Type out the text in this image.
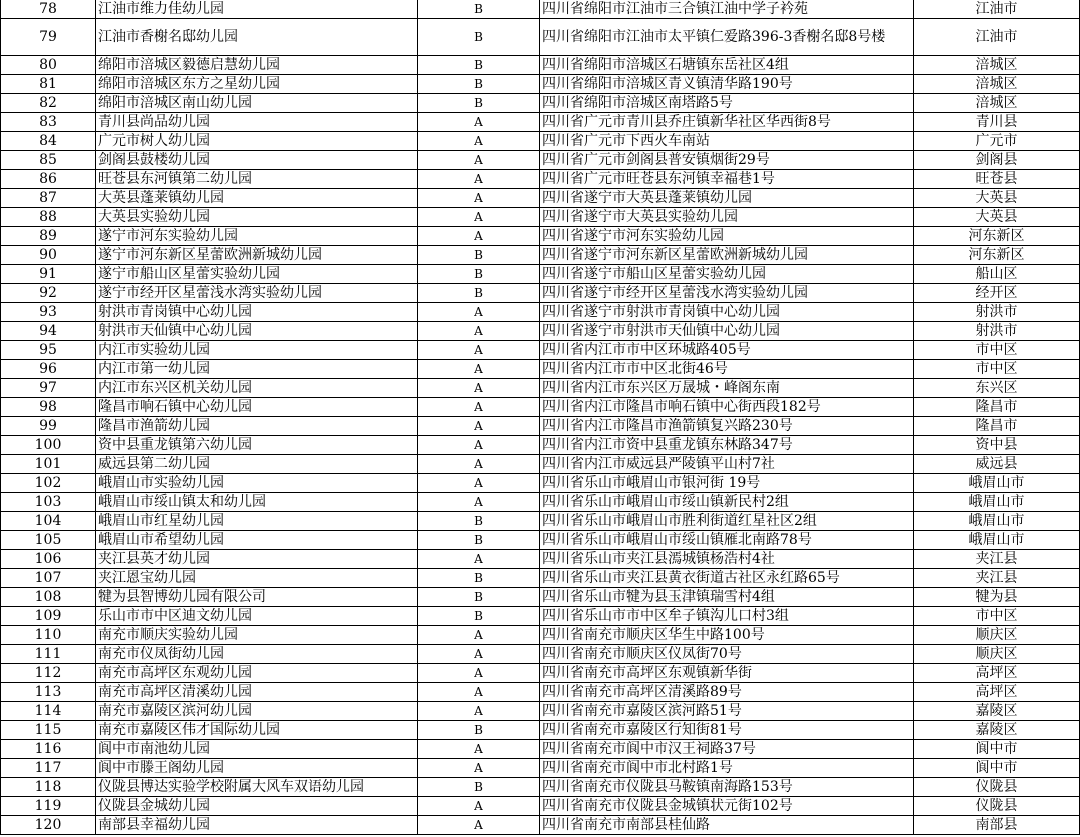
78	江油市维力佳幼儿园	B	四川省绵阳市江油市三合镇江油中学子衿苑	江油市
79	江油市香榭名邸幼儿园	B	四川省绵阳市江油市太平镇仁爱路396-3香榭名邸8号楼	江油市
80	绵阳市涪城区毅德启慧幼儿园	B	四川省绵阳市涪城区石塘镇东岳社区4组	涪城区
81	绵阳市涪城区东方之星幼儿园	B	四川省绵阳市涪城区青义镇清华路190号	涪城区
82	绵阳市涪城区南山幼儿园	B	四川省绵阳市涪城区南塔路5号	涪城区
83	青川县尚品幼儿园	A	四川省广元市青川县乔庄镇新华社区华西街8号	青川县
84	广元市树人幼儿园	A	四川省广元市下西火车南站	广元市
85	剑阁县鼓楼幼儿园	A	四川省广元市剑阁县普安镇烟街29号	剑阁县
86	旺苍县东河镇第二幼儿园	A	四川省广元市旺苍县东河镇幸福巷1号	旺苍县
87	大英县蓬莱镇幼儿园	A	四川省遂宁市大英县蓬莱镇幼儿园	大英县
88	大英县实验幼儿园	A	四川省遂宁市大英县实验幼儿园	大英县
89	遂宁市河东实验幼儿园	A	四川省遂宁市河东实验幼儿园	河东新区
90	遂宁市河东新区星蕾欧洲新城幼儿园	B	四川省遂宁市河东新区星蕾欧洲新城幼儿园	河东新区
91	遂宁市船山区星蕾实验幼儿园	B	四川省遂宁市船山区星蕾实验幼儿园	船山区
92	遂宁市经开区星蕾浅水湾实验幼儿园	B	四川省遂宁市经开区星蕾浅水湾实验幼儿园	经开区
93	射洪市青岗镇中心幼儿园	A	四川省遂宁市射洪市青岗镇中心幼儿园	射洪市
94	射洪市天仙镇中心幼儿园	A	四川省遂宁市射洪市天仙镇中心幼儿园	射洪市
95	内江市实验幼儿园	A	四川省内江市市中区环城路405号	市中区
96	内江市第一幼儿园	A	四川省内江市市中区北街46号	市中区
97	内江市东兴区机关幼儿园	A	四川省内江市东兴区万晟城・峰阁东南	东兴区
98	隆昌市响石镇中心幼儿园	A	四川省内江市隆昌市响石镇中心街西段182号	隆昌市
99	隆昌市渔箭幼儿园	A	四川省内江市隆昌市渔箭镇复兴路230号	隆昌市
100	资中县重龙镇第六幼儿园	A	四川省内江市资中县重龙镇东林路347号	资中县
101	威远县第二幼儿园	A	四川省内江市威远县严陵镇平山村7社	威远县
102	峨眉山市实验幼儿园	A	四川省乐山市峨眉山市银河街 19号	峨眉山市
103	峨眉山市绥山镇太和幼儿园	A	四川省乐山市峨眉山市绥山镇新民村2组	峨眉山市
104	峨眉山市红星幼儿园	B	四川省乐山市峨眉山市胜利街道红星社区2组	峨眉山市
105	峨眉山市希望幼儿园	B	四川省乐山市峨眉山市绥山镇雁北南路78号	峨眉山市
106	夹江县英才幼儿园	A	四川省乐山市夹江县漹城镇杨浩村4社	夹江县
107	夹江恩宝幼儿园	B	四川省乐山市夹江县黄衣街道古社区永红路65号	夹江县
108	犍为县智博幼儿园有限公司	B	四川省乐山市犍为县玉津镇瑞雪村4组	犍为县
109	乐山市市中区迪文幼儿园	B	四川省乐山市市中区牟子镇沟儿口村3组	市中区
110	南充市顺庆实验幼儿园	A	四川省南充市顺庆区华生中路100号	顺庆区
111	南充市仪凤街幼儿园	A	四川省南充市顺庆区仪凤街70号	顺庆区
112	南充市高坪区东观幼儿园	A	四川省南充市高坪区东观镇新华街	高坪区
113	南充市高坪区清溪幼儿园	A	四川省南充市高坪区清溪路89号	高坪区
114	南充市嘉陵区滨河幼儿园	A	四川省南充市嘉陵区滨河路51号	嘉陵区
115	南充市嘉陵区伟才国际幼儿园	B	四川省南充市嘉陵区行知街81号	嘉陵区
116	阆中市南池幼儿园	A	四川省南充市阆中市汉王祠路37号	阆中市
117	阆中市滕王阁幼儿园	A	四川省南充市阆中市北村路1号	阆中市
118	仪陇县博达实验学校附属大风车双语幼儿园	B	四川省南充市仪陇县马鞍镇南海路153号	仪陇县
119	仪陇县金城幼儿园	A	四川省南充市仪陇县金城镇状元街102号	仪陇县
120	南部县幸福幼儿园	A	四川省南充市南部县桂仙路	南部县
